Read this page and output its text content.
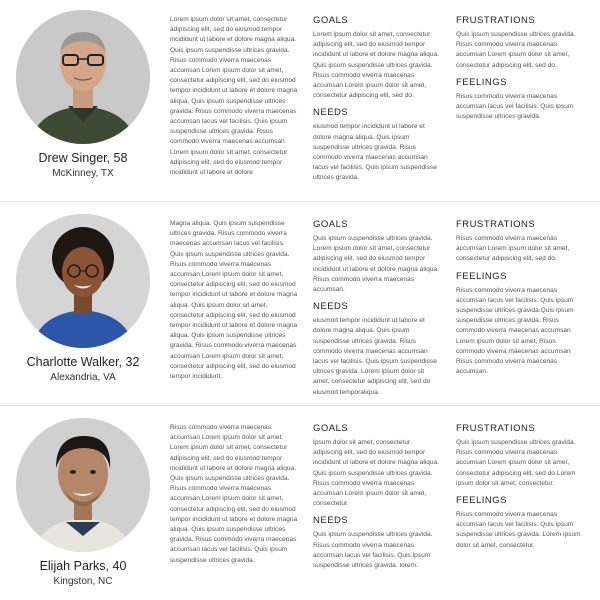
Drew Singer, 58
McKinney, TX
Lorem ipsum dolor sit amet, consectetur adipiscing elit, sed do eiusmod tempor incididunt ut labore et dolore magna aliqua. Quis ipsum suspendisse ultrices gravida. Risus commodo viverra maecenas accumsan Lorem ipsum dolor sit amet, consectetur adipiscing elit, sed do eiusmod tempor incididunt ut labore et dolore magna aliqua. Quis ipsum suspendisse ultrices gravida. Risus commodo viverra maecenas accumsan lacus vel facilisis. Quis ipsum suspendisse ultrices gravida. Risus commodo viverra maecenas accumsan Lorem ipsum dolor sit amet, consectetur adipiscing elit, sed do eiusmod tempor incididunt ut labore et dolore
GOALS
Lorem ipsum dolor sit amet, consectetur adipiscing elit, sed do eiusmod tempor incididunt ut labore et dolore magna aliqua. Quis ipsum suspendisse ultrices gravida. Risus commodo viverra maecenas accumsan Lorem ipsum dolor sit amet, consectetur adipiscing elit, sed do.
NEEDS
eiusmod tempor incididunt ut labore et dolore magna aliqua. Quis ipsum suspendisse ultrices gravida. Risus commodo viverra maecenas accumsan lacus vel facilisis. Quis ipsum suspendisse ultrices gravida.
FRUSTRATIONS
Quis ipsum suspendisse ultrices gravida. Risus commodo viverra maecenas accumsan Lorem ipsum dolor sit amet, consectetur adipiscing elit, sed do.
FEELINGS
Risus commodo viverra maecenas accumsan lacus vel facilisis. Quis ipsum suspendisse ultrices gravida.
Charlotte Walker, 32
Alexandria, VA
Magna aliqua. Quis ipsum suspendisse ultrices gravida. Risus commodo viverra maecenas accumsan lacus vel facilisis. Quis ipsum suspendisse ultrices gravida. Risus commodo viverra maecenas accumsan Lorem ipsum dolor sit amet, consectetur adipiscing elit, sed do eiusmod tempor incididunt ut labore et dolore magna aliqua. Quis ipsum dolor sit amet, consectetur adipiscing elit, sed do eiusmod tempor incididunt ut labore et dolore magna aliqua. Quis ipsum suspendisse ultrices gravida. Risus commodo viverra maecenas accumsan Lorem ipsum dolor sit amet, consectetur adipiscing elit, sed do eiusmod tempor incididunt.
GOALS
Quis ipsum suspendisse ultrices gravida. Lorem ipsum dolor sit amet, consectetur adipiscing elit, sed do eiusmod tempor incididunt ut labore et dolore magna aliqua. Risus commodo viverra maecenas accumsan.
NEEDS
eiusmod tempor incididunt ut labore et dolore magna aliqua. Quis ipsum suspendisse ultrices gravida. Risus commodo viverra maecenas accumsan lacus vel facilisis. Quis ipsum suspendisse ultrices gravida. Lorem ipsum dolor sit amet, consectetur adipiscing elit, sed do eiusmod temporaliqua.
FRUSTRATIONS
Risus commodo viverra maecenas accumsan Lorem ipsum dolor sit amet, consectetur adipiscing elit, sed do.
FEELINGS
Risus commodo viverra maecenas accumsan lacus vel facilisis. Quis ipsum suspendisse ultrices gravida.Quis ipsum suspendisse ultrices gravida. Risus commodo viverra maecenas accumsan Lorem ipsum dolor sit amet, Risus commodo viverra maecenas accumsan Risus commodo viverra maecenas accumsan.
Elijah Parks, 40
Kingston, NC
Risus commodo viverra maecenas accumsan Lorem ipsum dolor sit amet. Lorem ipsum dolor sit amet, consectetur adipiscing elit, sed do eiusmod tempor incididunt ut labore et dolore magna aliqua. Quis ipsum suspendisse ultrices gravida. Risus commodo viverra maecenas accumsan Lorem ipsum dolor sit amet, consectetur adipiscing elit, sed do eiusmod tempor incididunt ut labore et dolore magna aliqua. Quis ipsum suspendisse ultrices gravida. Risus commodo viverra maecenas accumsan lacus vel facilisis. Quis ipsum suspendisse ultrices gravida.
GOALS
Ipsum dolor sit amet, consectetur adipiscing elit, sed do eiusmod tempor incididunt ut labore et dolore magna aliqua. Quis ipsum suspendisse ultrices gravida. Risus commodo viverra maecenas accumsan Lorem ipsum dolor sit amet, consectetur.
NEEDS
Quis ipsum suspendisse ultrices gravida. Risus commodo viverra maecenas accumsan lacus vel facilisis. Quis ipsum suspendisse ultrices gravida. lorem.
FRUSTRATIONS
Quis ipsum suspendisse ultrices gravida. Risus commodo viverra maecenas accumsan Lorem ipsum dolor sit amet, consectetur adipiscing elit, sed do.Lorem ipsum dolor sit amet, consectetur.
FEELINGS
Risus commodo viverra maecenas accumsan lacus vel facilisis. Quis ipsum suspendisse ultrices gravida. Lorem ipsum dolor sit amet, consectetur.
